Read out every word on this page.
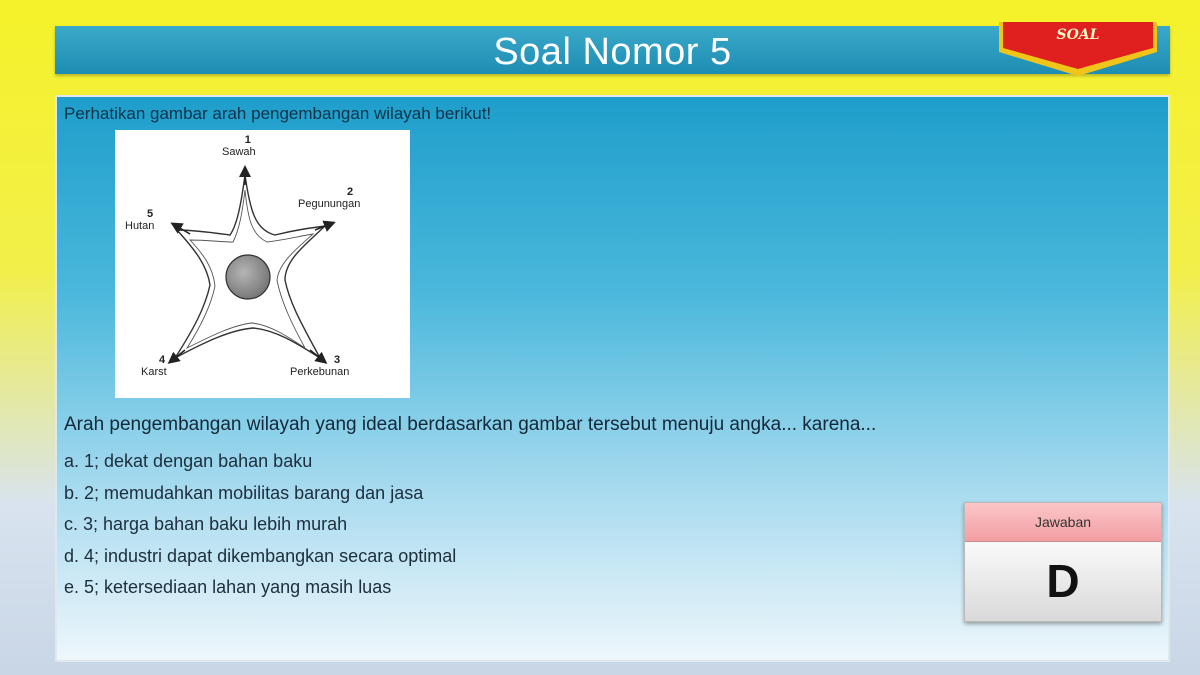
Soal Nomor 5	SOAL
Perhatikan gambar arah pengembangan wilayah berikut!
1
Sawah
2
Pegunungan
3
Perkebunan
4
Karst
5
Hutan
Arah pengembangan wilayah yang ideal berdasarkan gambar tersebut menuju angka... karena...
a. 1; dekat dengan bahan baku
b. 2; memudahkan mobilitas barang dan jasa
c. 3; harga bahan baku lebih murah
d. 4; industri dapat dikembangkan secara optimal
e. 5; ketersediaan lahan yang masih luas
Jawaban
D
